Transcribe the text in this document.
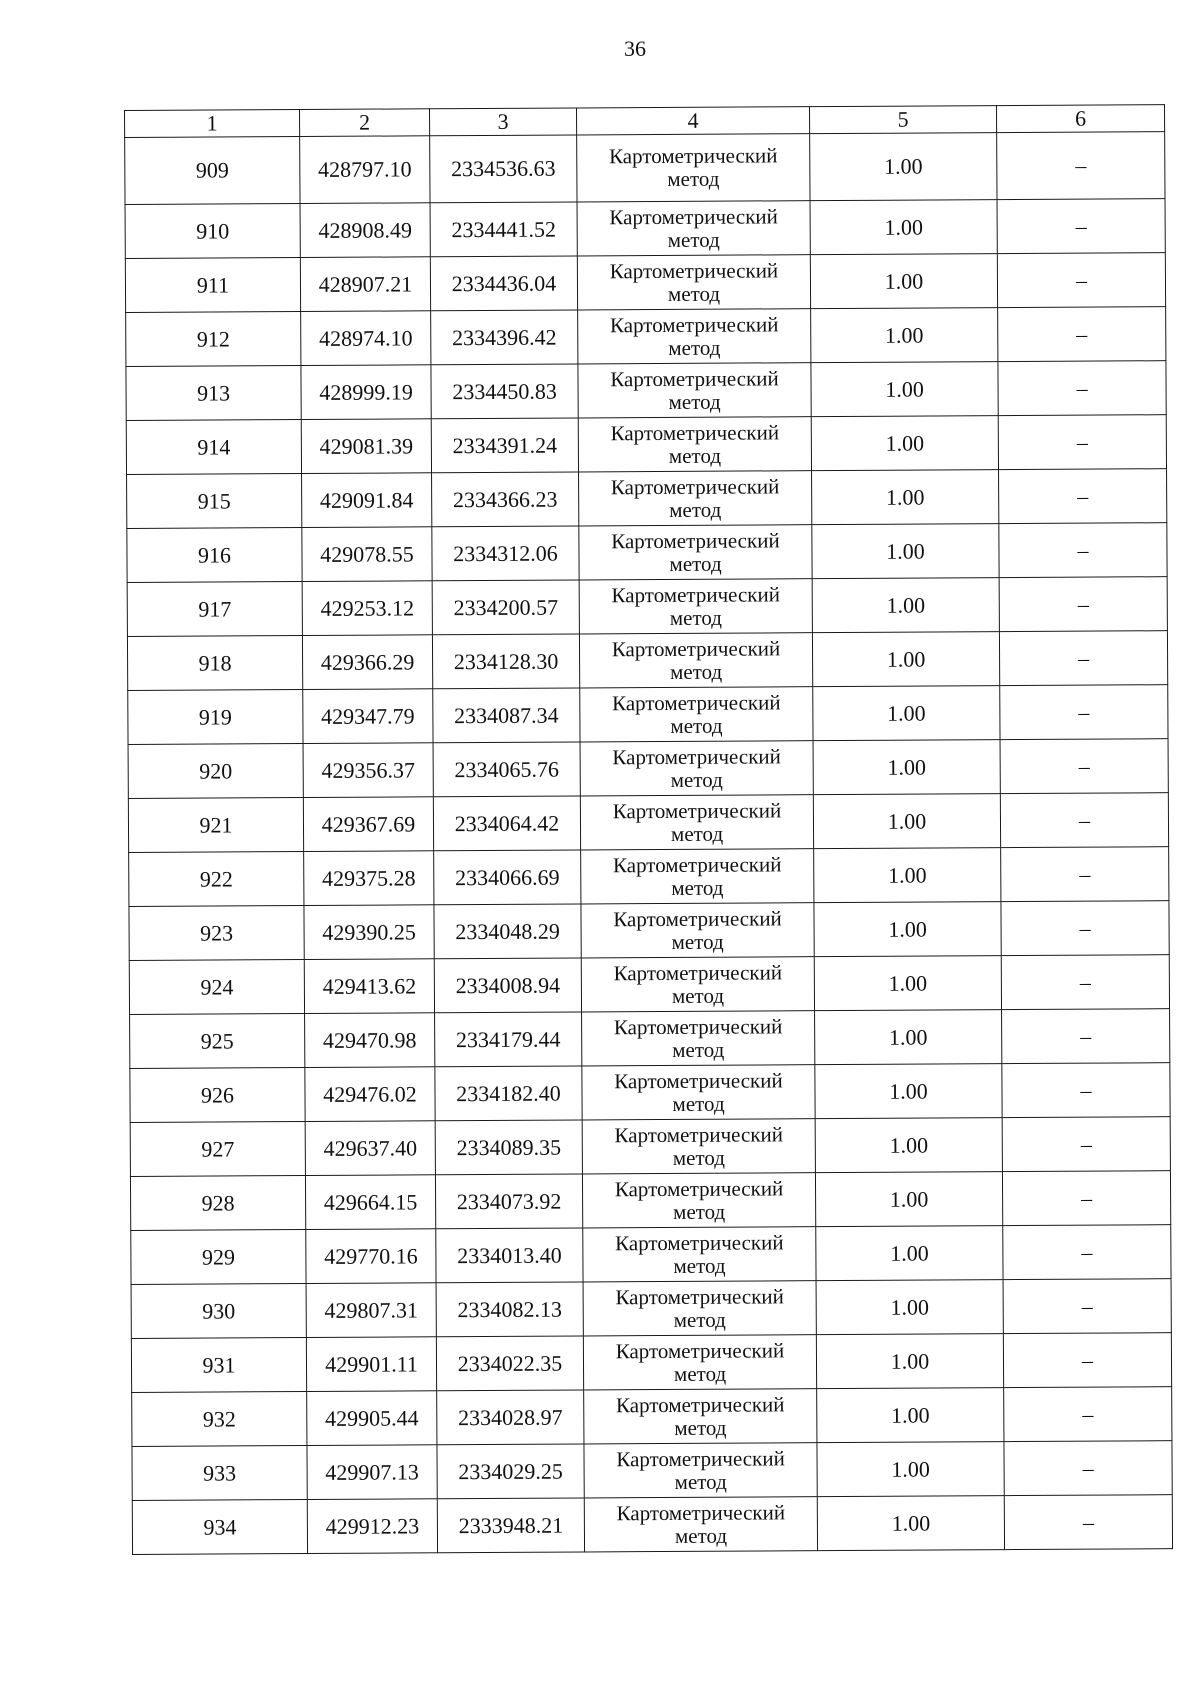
36
1	2	3	4	5	6
909	428797.10	2334536.63	Картометрический
метод	1.00	–
910	428908.49	2334441.52	Картометрический
метод	1.00	–
911	428907.21	2334436.04	Картометрический
метод	1.00	–
912	428974.10	2334396.42	Картометрический
метод	1.00	–
913	428999.19	2334450.83	Картометрический
метод	1.00	–
914	429081.39	2334391.24	Картометрический
метод	1.00	–
915	429091.84	2334366.23	Картометрический
метод	1.00	–
916	429078.55	2334312.06	Картометрический
метод	1.00	–
917	429253.12	2334200.57	Картометрический
метод	1.00	–
918	429366.29	2334128.30	Картометрический
метод	1.00	–
919	429347.79	2334087.34	Картометрический
метод	1.00	–
920	429356.37	2334065.76	Картометрический
метод	1.00	–
921	429367.69	2334064.42	Картометрический
метод	1.00	–
922	429375.28	2334066.69	Картометрический
метод	1.00	–
923	429390.25	2334048.29	Картометрический
метод	1.00	–
924	429413.62	2334008.94	Картометрический
метод	1.00	–
925	429470.98	2334179.44	Картометрический
метод	1.00	–
926	429476.02	2334182.40	Картометрический
метод	1.00	–
927	429637.40	2334089.35	Картометрический
метод	1.00	–
928	429664.15	2334073.92	Картометрический
метод	1.00	–
929	429770.16	2334013.40	Картометрический
метод	1.00	–
930	429807.31	2334082.13	Картометрический
метод	1.00	–
931	429901.11	2334022.35	Картометрический
метод	1.00	–
932	429905.44	2334028.97	Картометрический
метод	1.00	–
933	429907.13	2334029.25	Картометрический
метод	1.00	–
934	429912.23	2333948.21	Картометрический
метод	1.00	–
